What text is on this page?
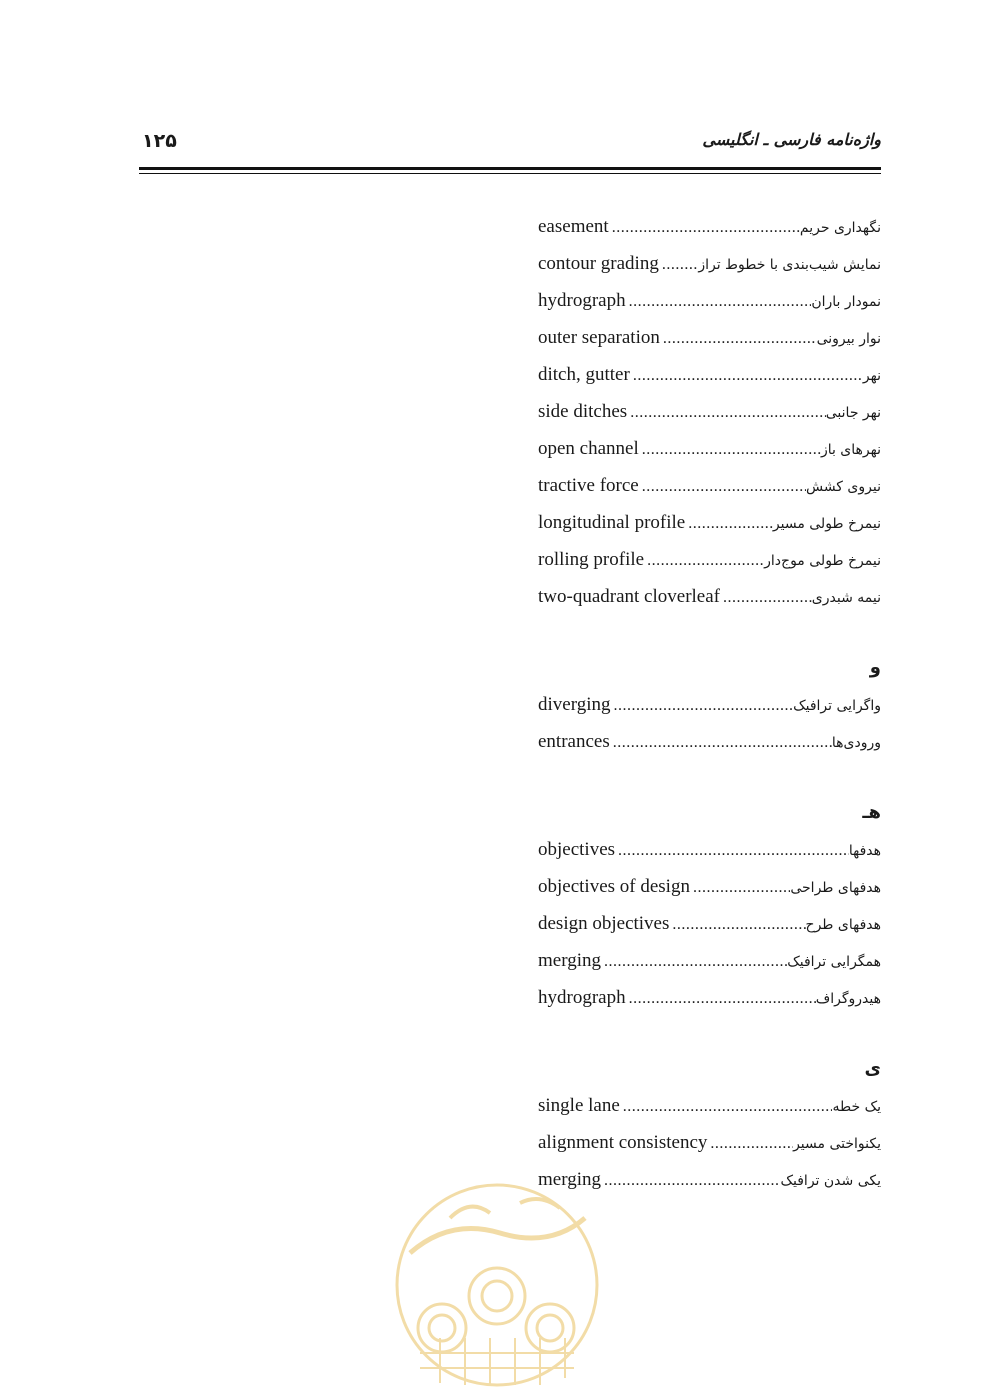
۱۲۵	واژه‌نامه فارسی ـ انگلیسی
easement .....	نگهداری حریم
contour grading .....	نمایش شیب‌بندی با خطوط تراز
hydrograph .....	نمودار باران
outer separation .....	نوار بیرونی
ditch, gutter .....	نهر
side ditches .....	نهر جانبی
open channel .....	نهرهای باز
tractive force .....	نیروی کشش
longitudinal profile .....	نیمرخ طولی مسیر
rolling profile .....	نیمرخ طولی موج‌دار
two-quadrant cloverleaf .....	نیمه شبدری
و
diverging .....	واگرایی ترافیک
entrances .....	ورودی‌ها
هـ
objectives .....	هدفها
objectives of design .....	هدفهای طراحی
design objectives .....	هدفهای طرح
merging .....	همگرایی ترافیک
hydrograph .....	هیدروگراف
ی
single lane .....	یک خطه
alignment consistency .....	یکنواختی مسیر
merging .....	یکی شدن ترافیک
